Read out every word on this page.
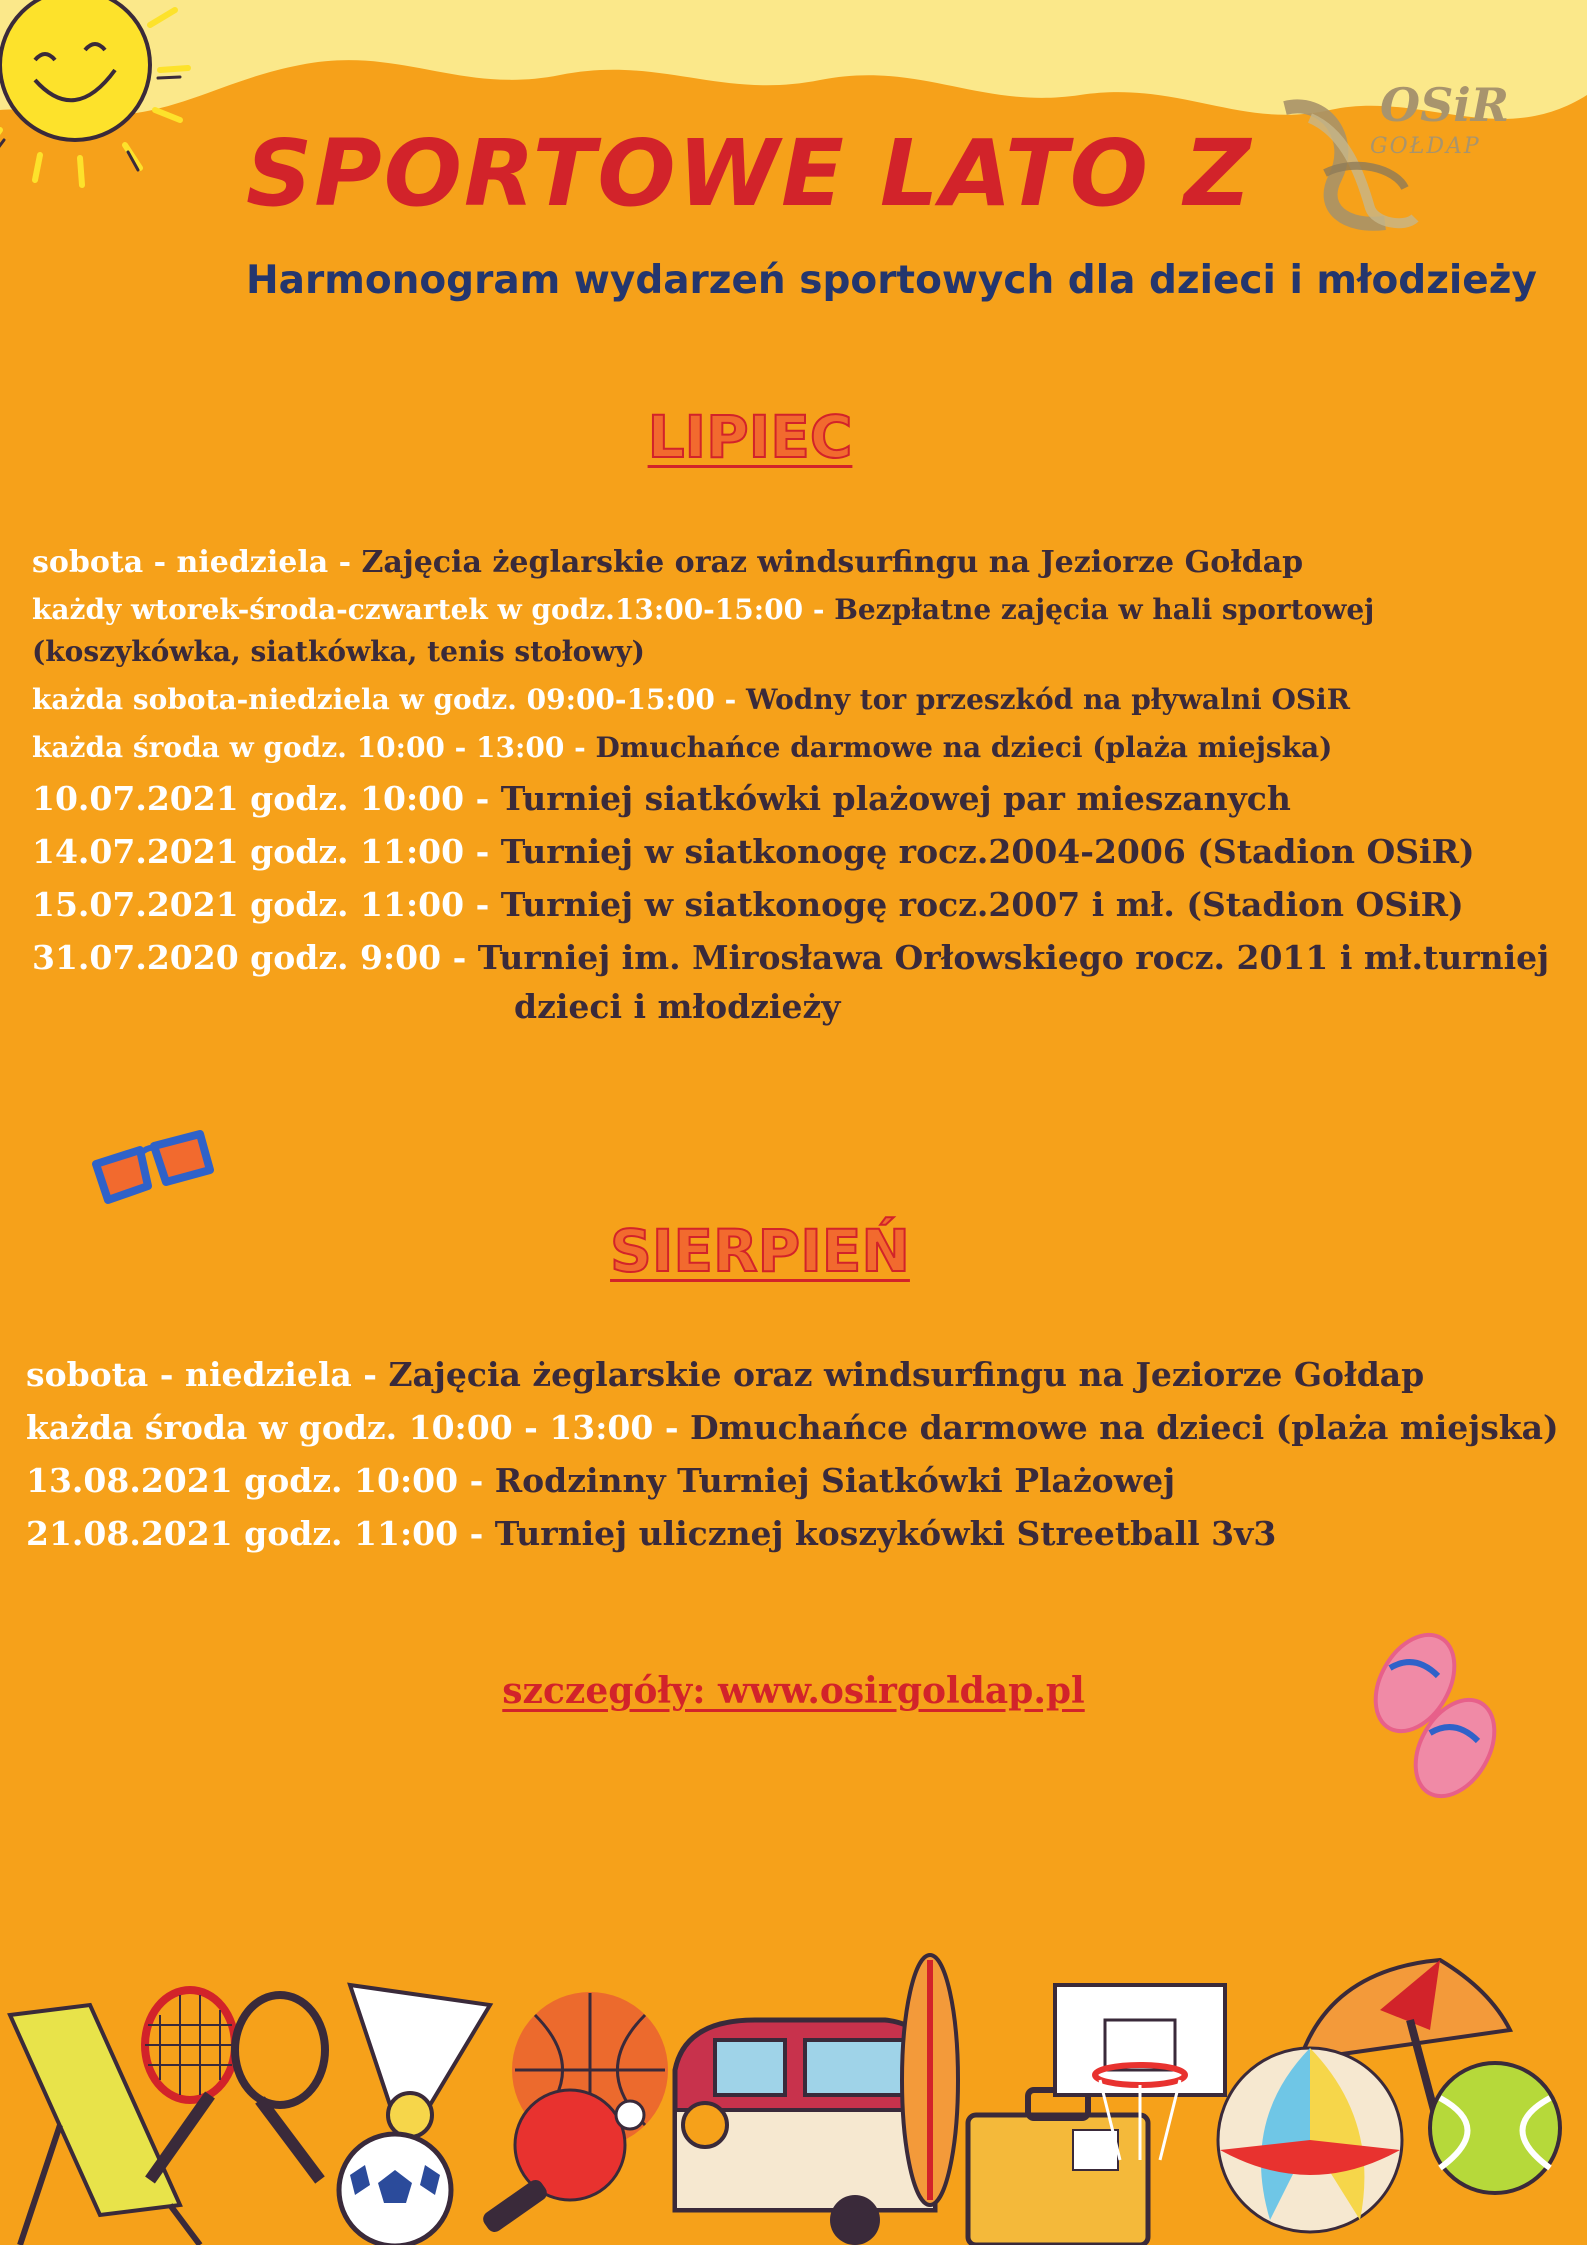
SPORTOWE LATO Z
OSiR
GOŁDAP
Harmonogram wydarzeń sportowych dla dzieci i młodzieży
LIPIEC
sobota - niedziela - Zajęcia żeglarskie oraz windsurfingu na Jeziorze Gołdap
każdy wtorek-środa-czwartek w godz.13:00-15:00 - Bezpłatne zajęcia w hali sportowej
(koszykówka, siatkówka, tenis stołowy)
każda sobota-niedziela w godz. 09:00-15:00 - Wodny tor przeszkód na pływalni OSiR
każda środa w godz. 10:00 - 13:00 - Dmuchańce darmowe na dzieci (plaża miejska)
10.07.2021 godz. 10:00 - Turniej siatkówki plażowej par mieszanych
14.07.2021 godz. 11:00 - Turniej w siatkonogę rocz.2004-2006 (Stadion OSiR)
15.07.2021 godz. 11:00 - Turniej w siatkonogę rocz.2007 i mł. (Stadion OSiR)
31.07.2020 godz. 9:00 - Turniej im. Mirosława Orłowskiego rocz. 2011 i mł.turniej
dzieci i młodzieży
SIERPIEŃ
sobota - niedziela - Zajęcia żeglarskie oraz windsurfingu na Jeziorze Gołdap
każda środa w godz. 10:00 - 13:00 - Dmuchańce darmowe na dzieci (plaża miejska)
13.08.2021 godz. 10:00 - Rodzinny Turniej Siatkówki Plażowej
21.08.2021 godz. 11:00 - Turniej ulicznej koszykówki Streetball 3v3
szczegóły: www.osirgoldap.pl
